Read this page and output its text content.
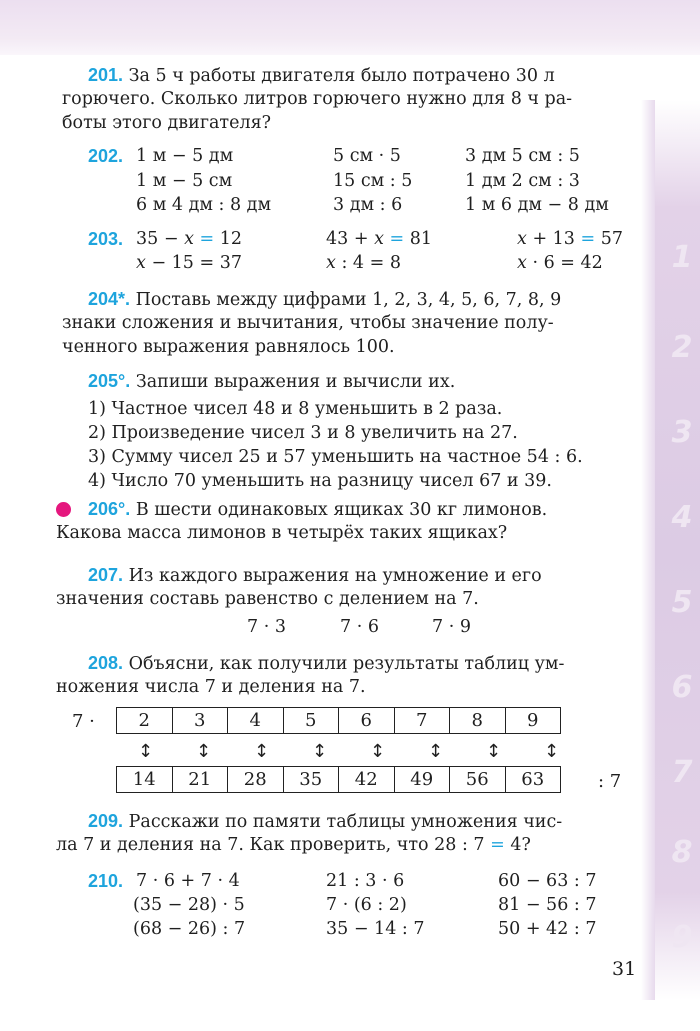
1
2
3
4
5
6
7
8
9
201. За 5 ч работы двигателя было потрачено 30 л
горючего. Сколько литров горючего нужно для 8 ч ра-
боты этого двигателя?
202. 1 м − 5 дм	5 см · 5	3 дм 5 см : 5
1 м − 5 см	15 см : 5	1 дм 2 см : 3
6 м 4 дм : 8 дм	3 дм : 6	1 м 6 дм − 8 дм
203. 35 − x = 12	43 + x = 81	x + 13 = 57
x − 15 = 37	x : 4 = 8	x · 6 = 42
204*. Поставь между цифрами 1, 2, 3, 4, 5, 6, 7, 8, 9
знаки сложения и вычитания, чтобы значение полу-
ченного выражения равнялось 100.
205°. Запиши выражения и вычисли их.
1) Частное чисел 48 и 8 уменьшить в 2 раза.
2) Произведение чисел 3 и 8 увеличить на 27.
3) Сумму чисел 25 и 57 уменьшить на частное 54 : 6.
4) Число 70 уменьшить на разницу чисел 67 и 39.
206°. В шести одинаковых ящиках 30 кг лимонов.
Какова масса лимонов в четырёх таких ящиках?
207. Из каждого выражения на умножение и его
значения составь равенство с делением на 7.
7 · 3	7 · 6	7 · 9
208. Объясни, как получили результаты таблиц ум-
ножения числа 7 и деления на 7.
7 · 2	3	4	5	6	7	8	9
↕ ↕ ↕ ↕ ↕ ↕ ↕ ↕
14	21	28	35	42	49	56	63	: 7
209. Расскажи по памяти таблицы умножения чис-
ла 7 и деления на 7. Как проверить, что 28 : 7 = 4?
210. 7 · 6 + 7 · 4	21 : 3 · 6	60 − 63 : 7
(35 − 28) · 5	7 · (6 : 2)	81 − 56 : 7
(68 − 26) : 7	35 − 14 : 7	50 + 42 : 7
31
